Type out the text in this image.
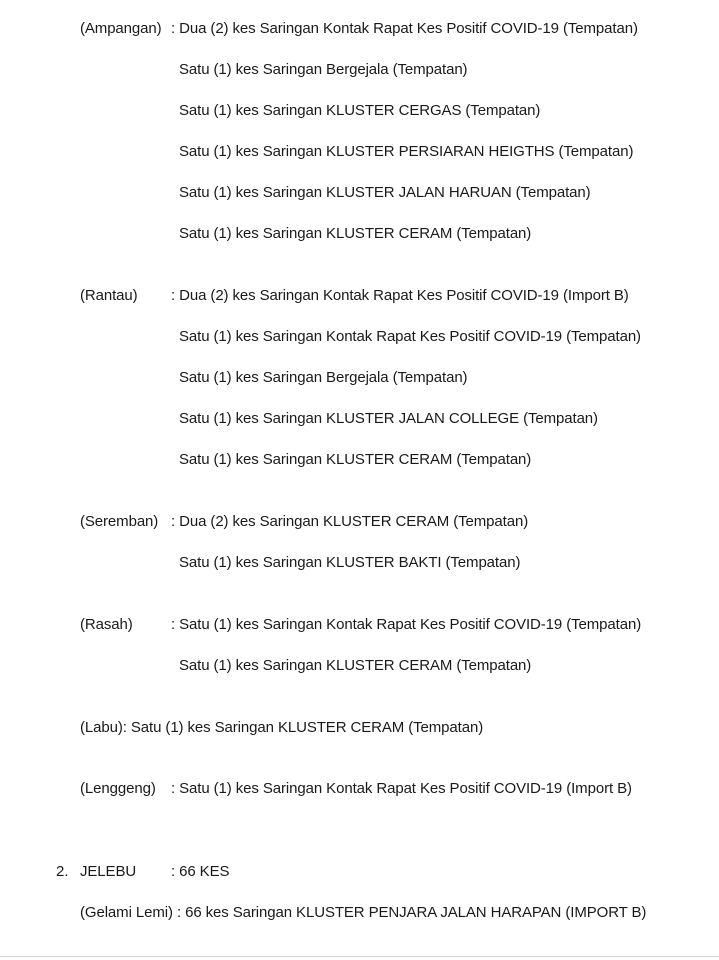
(Ampangan) : Dua (2) kes Saringan Kontak Rapat Kes Positif COVID-19 (Tempatan)
Satu (1) kes Saringan Bergejala (Tempatan)
Satu (1) kes Saringan KLUSTER CERGAS (Tempatan)
Satu (1) kes Saringan KLUSTER PERSIARAN HEIGTHS (Tempatan)
Satu (1) kes Saringan KLUSTER JALAN HARUAN (Tempatan)
Satu (1) kes Saringan KLUSTER CERAM (Tempatan)
(Rantau) : Dua (2) kes Saringan Kontak Rapat Kes Positif COVID-19 (Import B)
Satu (1) kes Saringan Kontak Rapat Kes Positif COVID-19 (Tempatan)
Satu (1) kes Saringan Bergejala (Tempatan)
Satu (1) kes Saringan KLUSTER JALAN COLLEGE (Tempatan)
Satu (1) kes Saringan KLUSTER CERAM (Tempatan)
(Seremban) : Dua (2) kes Saringan KLUSTER CERAM (Tempatan)
Satu (1) kes Saringan KLUSTER BAKTI (Tempatan)
(Rasah)	: Satu (1) kes Saringan Kontak Rapat Kes Positif COVID-19 (Tempatan)
Satu (1) kes Saringan KLUSTER CERAM (Tempatan)
(Labu): Satu (1) kes Saringan KLUSTER CERAM (Tempatan)
(Lenggeng) : Satu (1) kes Saringan Kontak Rapat Kes Positif COVID-19 (Import B)
2. JELEBU : 66 KES
(Gelami Lemi) : 66 kes Saringan KLUSTER PENJARA JALAN HARAPAN (IMPORT B)
